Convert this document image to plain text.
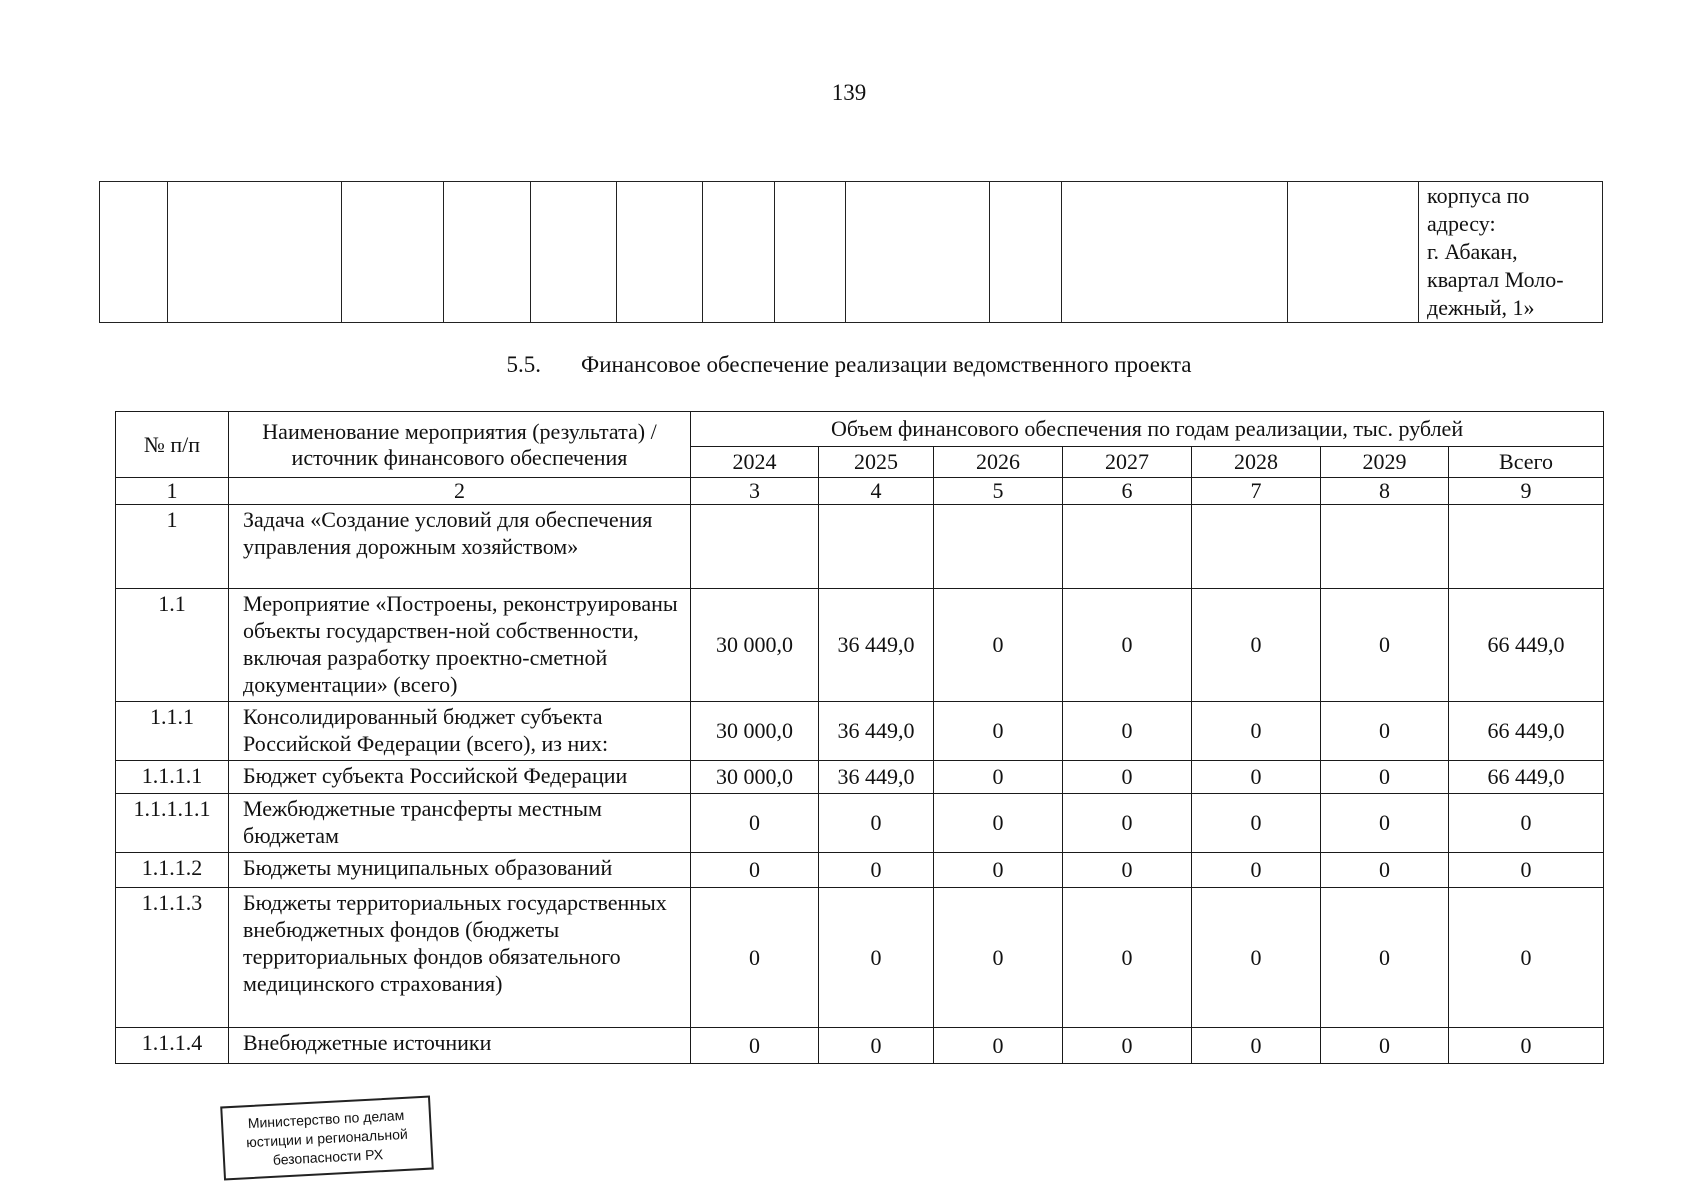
139

корпуса по
адресу:
г. Абакан,
квартал Моло-
дежный, 1»
5.5. Финансовое обеспечение реализации ведомственного проекта
№ п/п	Наименование мероприятия (результата) / источник финансового обеспечения	Объем финансового обеспечения по годам реализации, тыс. рублей						
		2024	2025	2026	2027	2028	2029	Всего
1	2	3	4	5	6	7	8	9
1	Задача «Создание условий для обеспечения управления дорожным хозяйством»							
1.1	Мероприятие «Построены, реконструированы объекты государствен-ной собственности, включая разработку проектно-сметной документации» (всего)	30 000,0	36 449,0	0	0	0	0	66 449,0
1.1.1	Консолидированный бюджет субъекта Российской Федерации (всего), из них:	30 000,0	36 449,0	0	0	0	0	66 449,0
1.1.1.1	Бюджет субъекта Российской Федерации	30 000,0	36 449,0	0	0	0	0	66 449,0
1.1.1.1.1	Межбюджетные трансферты местным бюджетам	0	0	0	0	0	0	0
1.1.1.2	Бюджеты муниципальных образований	0	0	0	0	0	0	0
1.1.1.3	Бюджеты территориальных государственных внебюджетных фондов (бюджеты территориальных фондов обязательного медицинского страхования)	0	0	0	0	0	0	0
1.1.1.4	Внебюджетные источники	0	0	0	0	0	0	0
Министерство по делам
юстиции и региональной
безопасности РХ
